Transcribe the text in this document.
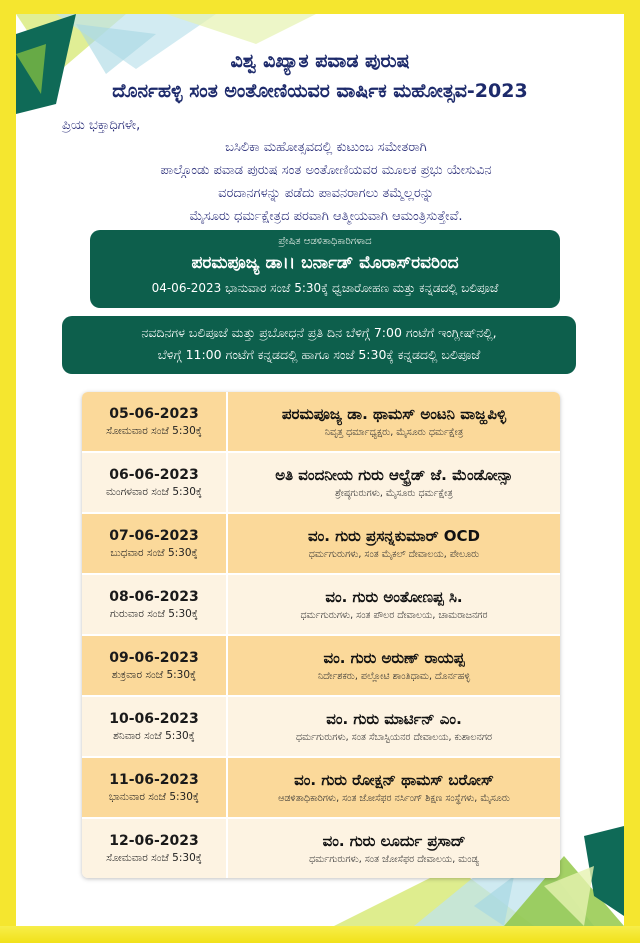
ವಿಶ್ವ ವಿಖ್ಯಾತ ಪವಾಡ ಪುರುಷ
ದೊರ್ನಹಳ್ಳಿ ಸಂತ ಅಂತೋಣಿಯವರ ವಾರ್ಷಿಕ ಮಹೋತ್ಸವ-2023
ಪ್ರಿಯ ಭಕ್ತಾಧಿಗಳೇ,
ಬಸಿಲಿಕಾ ಮಹೋತ್ಸವದಲ್ಲಿ ಕುಟುಂಬ ಸಮೇತರಾಗಿ
ಪಾಲ್ಗೊಂಡು ಪವಾಡ ಪುರುಷ ಸಂತ ಅಂತೋಣಿಯವರ ಮೂಲಕ ಪ್ರಭು ಯೇಸುವಿನ
ವರದಾನಗಳನ್ನು ಪಡೆದು ಪಾವನರಾಗಲು ತಮ್ಮೆಲ್ಲರನ್ನು
ಮೈಸೂರು ಧರ್ಮಕ್ಷೇತ್ರದ ಪರವಾಗಿ ಆತ್ಮೀಯವಾಗಿ ಆಮಂತ್ರಿಸುತ್ತೇವೆ.
ಪ್ರೇಷಿತ ಆಡಳಿತಾಧಿಕಾರಿಗಳಾದ
ಪರಮಪೂಜ್ಯ ಡಾ।। ಬರ್ನಾಡ್ ಮೊರಾಸ್‌ರವರಿಂದ
04-06-2023 ಭಾನುವಾರ ಸಂಜೆ 5:30ಕ್ಕೆ ಧ್ವಜಾರೋಹಣ ಮತ್ತು ಕನ್ನಡದಲ್ಲಿ ಬಲಿಪೂಜೆ
ನವದಿನಗಳ ಬಲಿಪೂಜೆ ಮತ್ತು ಪ್ರಬೋಧನೆ ಪ್ರತಿ ದಿನ ಬೆಳಿಗ್ಗೆ 7:00 ಗಂಟೆಗೆ ಇಂಗ್ಲೀಷ್‌ನಲ್ಲಿ,
ಬೆಳಿಗ್ಗೆ 11:00 ಗಂಟೆಗೆ ಕನ್ನಡದಲ್ಲಿ ಹಾಗೂ ಸಂಜೆ 5:30ಕ್ಕೆ ಕನ್ನಡದಲ್ಲಿ ಬಲಿಪೂಜೆ
05-06-2023
ಸೋಮವಾರ ಸಂಜೆ 5:30ಕ್ಕೆ
ಪರಮಪೂಜ್ಯ ಡಾ. ಥಾಮಸ್ ಅಂಟನಿ ವಾಜ್ಹಪಿಳ್ಳಿ
ನಿವೃತ್ತ ಧರ್ಮಾಧ್ಯಕ್ಷರು, ಮೈಸೂರು ಧರ್ಮಕ್ಷೇತ್ರ
06-06-2023
ಮಂಗಳವಾರ ಸಂಜೆ 5:30ಕ್ಕೆ
ಅತಿ ವಂದನೀಯ ಗುರು ಆಲ್ಫ್ರೆಡ್ ಜೆ. ಮೆಂಡೋನ್ಸಾ
ಶ್ರೇಷ್ಠಗುರುಗಳು, ಮೈಸೂರು ಧರ್ಮಕ್ಷೇತ್ರ
07-06-2023
ಬುಧವಾರ ಸಂಜೆ 5:30ಕ್ಕೆ
ವಂ. ಗುರು ಪ್ರಸನ್ನಕುಮಾರ್ OCD
ಧರ್ಮಗುರುಗಳು, ಸಂತ ಮೈಕಲ್ ದೇವಾಲಯ, ಪೇಲೂರು
08-06-2023
ಗುರುವಾರ ಸಂಜೆ 5:30ಕ್ಕೆ
ವಂ. ಗುರು ಅಂತೋಣಪ್ಪ ಸಿ.
ಧರ್ಮಗುರುಗಳು, ಸಂತ ಪೌಲರ ದೇವಾಲಯ, ಚಾಮರಾಜನಗರ
09-06-2023
ಶುಕ್ರವಾರ ಸಂಜೆ 5:30ಕ್ಕೆ
ವಂ. ಗುರು ಅರುಣ್ ರಾಯಪ್ಪ
ನಿರ್ದೇಶಕರು, ಪಲ್ಲೋಟಿ ಶಾಂತಿಧಾಮ, ದೊರ್ನಹಳ್ಳಿ
10-06-2023
ಶನಿವಾರ ಸಂಜೆ 5:30ಕ್ಕೆ
ವಂ. ಗುರು ಮಾರ್ಟಿನ್ ಎಂ.
ಧರ್ಮಗುರುಗಳು, ಸಂತ ಸೆಬಾಸ್ಟಿಯನರ ದೇವಾಲಯ, ಕುಶಾಲನಗರ
11-06-2023
ಭಾನುವಾರ ಸಂಜೆ 5:30ಕ್ಕೆ
ವಂ. ಗುರು ರೋಕ್ಷನ್ ಥಾಮಸ್ ಬರೋಸ್
ಆಡಳಿತಾಧಿಕಾರಿಗಳು, ಸಂತ ಜೋಸೆಫರ ನರ್ಸಿಂಗ್ ಶಿಕ್ಷಣ ಸಂಸ್ಥೆಗಳು, ಮೈಸೂರು
12-06-2023
ಸೋಮವಾರ ಸಂಜೆ 5:30ಕ್ಕೆ
ವಂ. ಗುರು ಲೂರ್ದು ಪ್ರಸಾದ್
ಧರ್ಮಗುರುಗಳು, ಸಂತ ಜೋಸೆಫರ ದೇವಾಲಯ, ಮಂಡ್ಯ
